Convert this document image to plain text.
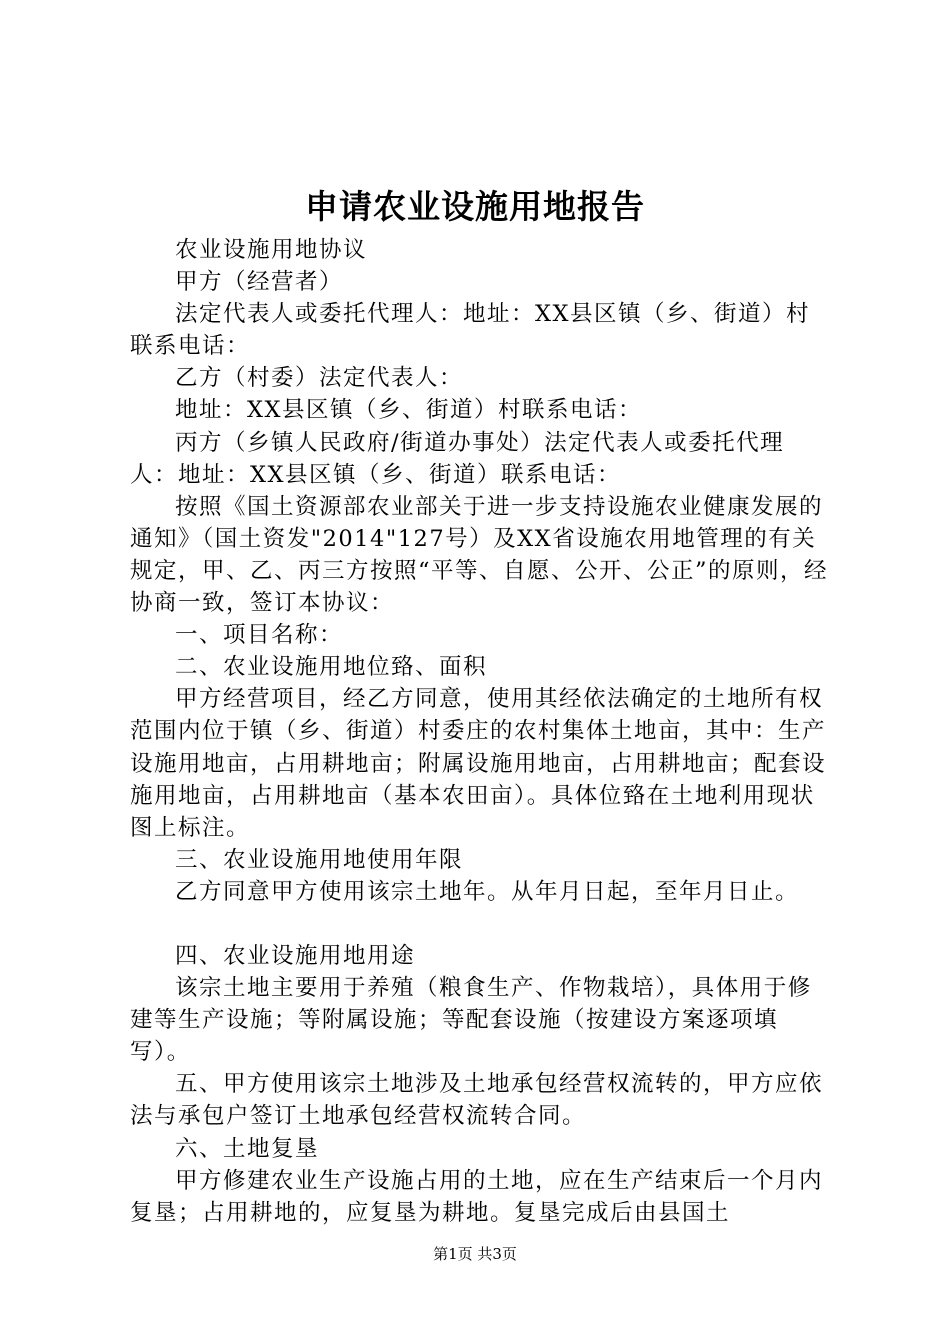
申请农业设施用地报告

农业设施用地协议

甲方（经营者）

法定代表人或委托代理人：地址：XX县区镇（乡、街道）村联系电话：

乙方（村委）法定代表人：

地址：XX县区镇（乡、街道）村联系电话：

丙方（乡镇人民政府/街道办事处）法定代表人或委托代理人：地址：XX县区镇（乡、街道）联系电话：

按照《国土资源部农业部关于进一步支持设施农业健康发展的通知》（国土资发"2014"127号）及XX省设施农用地管理的有关规定，甲、乙、丙三方按照“平等、自愿、公开、公正”的原则，经协商一致，签订本协议：

一、项目名称：

二、农业设施用地位臵、面积

甲方经营项目，经乙方同意，使用其经依法确定的土地所有权范围内位于镇（乡、街道）村委庄的农村集体土地亩，其中：生产设施用地亩，占用耕地亩；附属设施用地亩，占用耕地亩；配套设施用地亩，占用耕地亩（基本农田亩）。具体位臵在土地利用现状图上标注。

三、农业设施用地使用年限

乙方同意甲方使用该宗土地年。从年月日起，至年月日止。

四、农业设施用地用途

该宗土地主要用于养殖（粮食生产、作物栽培），具体用于修建等生产设施；等附属设施；等配套设施（按建设方案逐项填写）。

五、甲方使用该宗土地涉及土地承包经营权流转的，甲方应依法与承包户签订土地承包经营权流转合同。

六、土地复垦

甲方修建农业生产设施占用的土地，应在生产结束后一个月内复垦；占用耕地的，应复垦为耕地。复垦完成后由县国土

第1页 共3页
